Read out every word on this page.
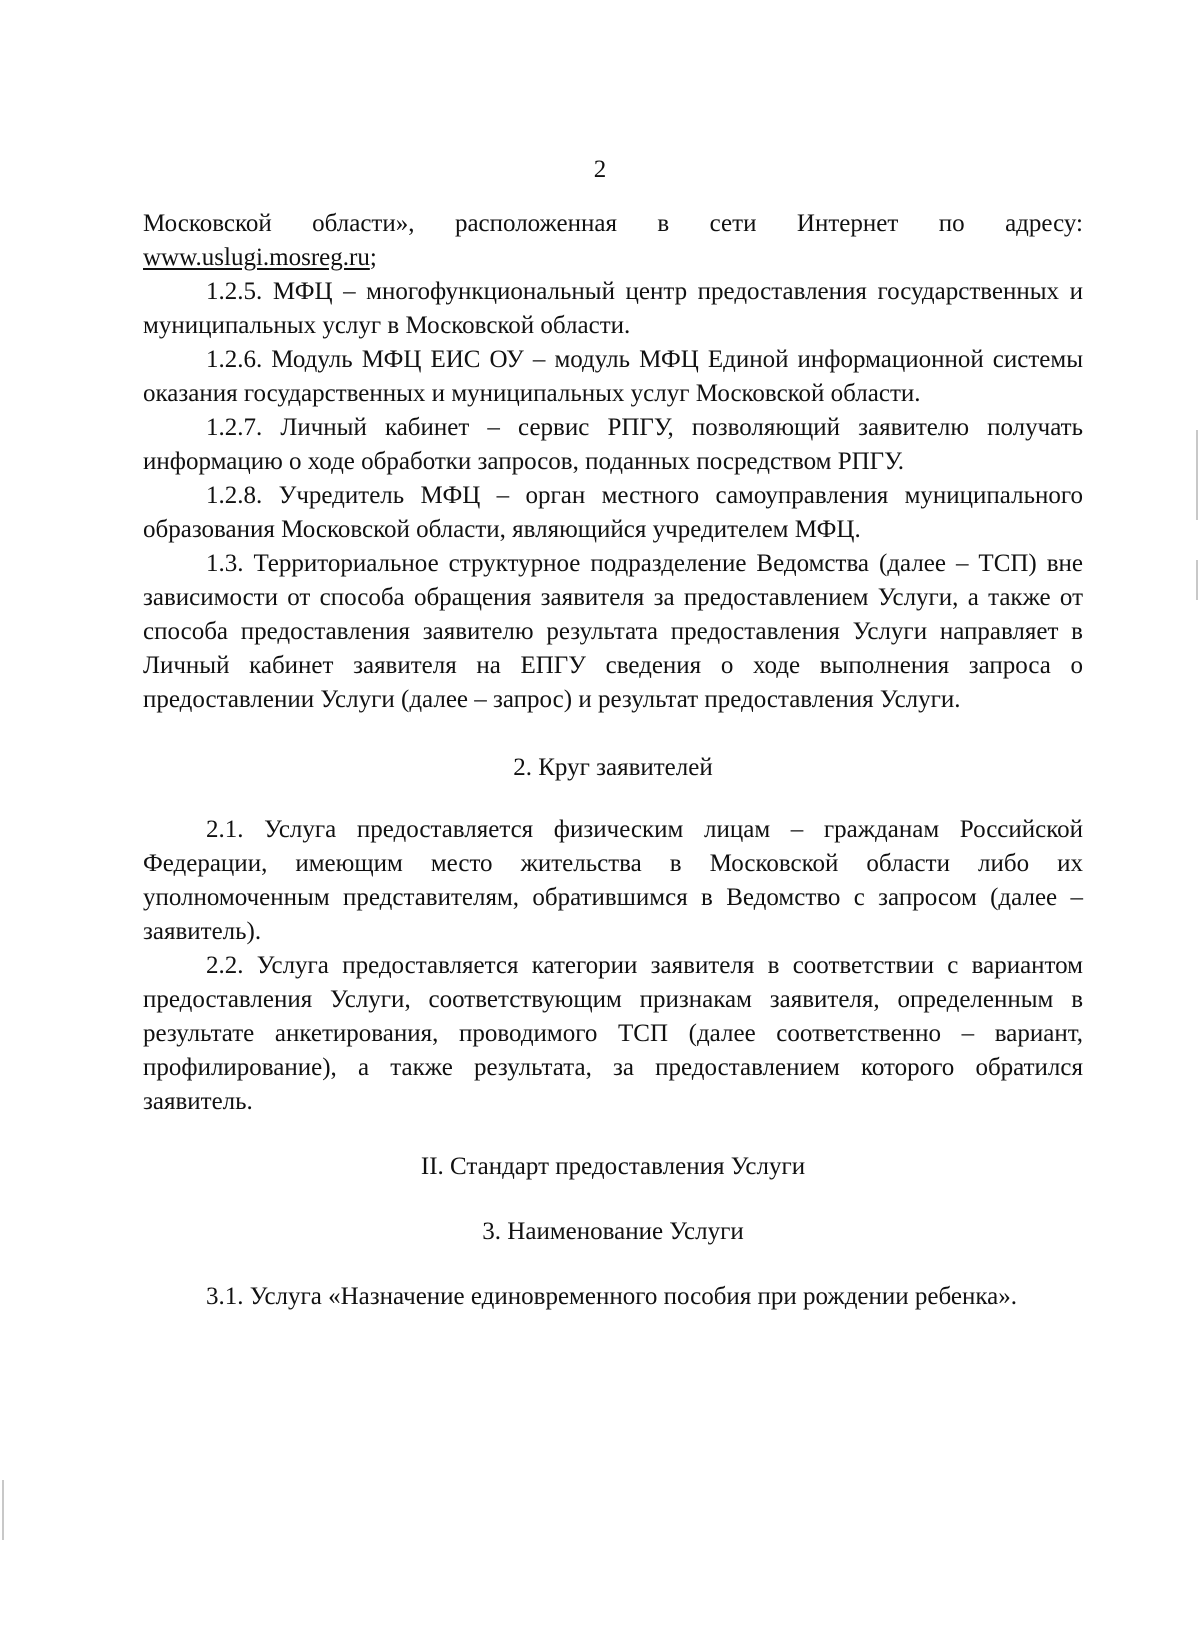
2

Московской   области»,   расположенная   в   сети   Интернет   по   адресу:

www.uslugi.mosreg.ru;

1.2.5. МФЦ – многофункциональный центр предоставления государственных и муниципальных услуг в Московской области.

1.2.6. Модуль МФЦ ЕИС ОУ – модуль МФЦ Единой информационной системы оказания государственных и муниципальных услуг Московской области.

1.2.7. Личный кабинет – сервис РПГУ, позволяющий заявителю получать информацию о ходе обработки запросов, поданных посредством РПГУ.

1.2.8. Учредитель МФЦ – орган местного самоуправления муниципального образования Московской области, являющийся учредителем МФЦ.

1.3. Территориальное структурное подразделение Ведомства (далее – ТСП) вне зависимости от способа обращения заявителя за предоставлением Услуги, а также от способа предоставления заявителю результата предоставления Услуги направляет в Личный кабинет заявителя на ЕПГУ сведения о ходе выполнения запроса о предоставлении Услуги (далее – запрос) и результат предоставления Услуги.

2. Круг заявителей

2.1. Услуга предоставляется физическим лицам – гражданам Российской Федерации, имеющим место жительства в Московской области либо их уполномоченным представителям, обратившимся в Ведомство с запросом (далее – заявитель).

2.2. Услуга предоставляется категории заявителя в соответствии с вариантом предоставления Услуги, соответствующим признакам заявителя, определенным в результате анкетирования, проводимого ТСП (далее соответственно – вариант, профилирование), а также результата, за предоставлением которого обратился заявитель.

II. Стандарт предоставления Услуги

3. Наименование Услуги

3.1. Услуга «Назначение единовременного пособия при рождении ребенка».
